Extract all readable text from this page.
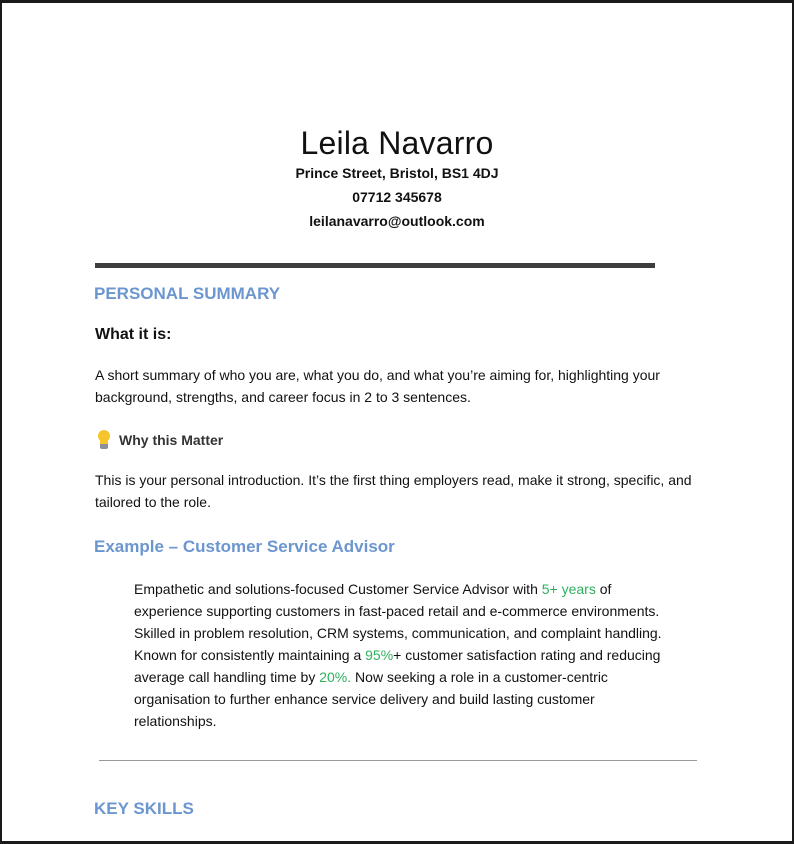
Leila Navarro
Prince Street, Bristol, BS1 4DJ
07712 345678
leilanavarro@outlook.com
PERSONAL SUMMARY
What it is:
A short summary of who you are, what you do, and what you’re aiming for, highlighting your background, strengths, and career focus in 2 to 3 sentences.
Why this Matter
This is your personal introduction. It’s the first thing employers read, make it strong, specific, and tailored to the role.
Example – Customer Service Advisor
Empathetic and solutions-focused Customer Service Advisor with 5+ years of experience supporting customers in fast-paced retail and e-commerce environments. Skilled in problem resolution, CRM systems, communication, and complaint handling. Known for consistently maintaining a 95%+ customer satisfaction rating and reducing average call handling time by 20%. Now seeking a role in a customer-centric organisation to further enhance service delivery and build lasting customer relationships.
KEY SKILLS
